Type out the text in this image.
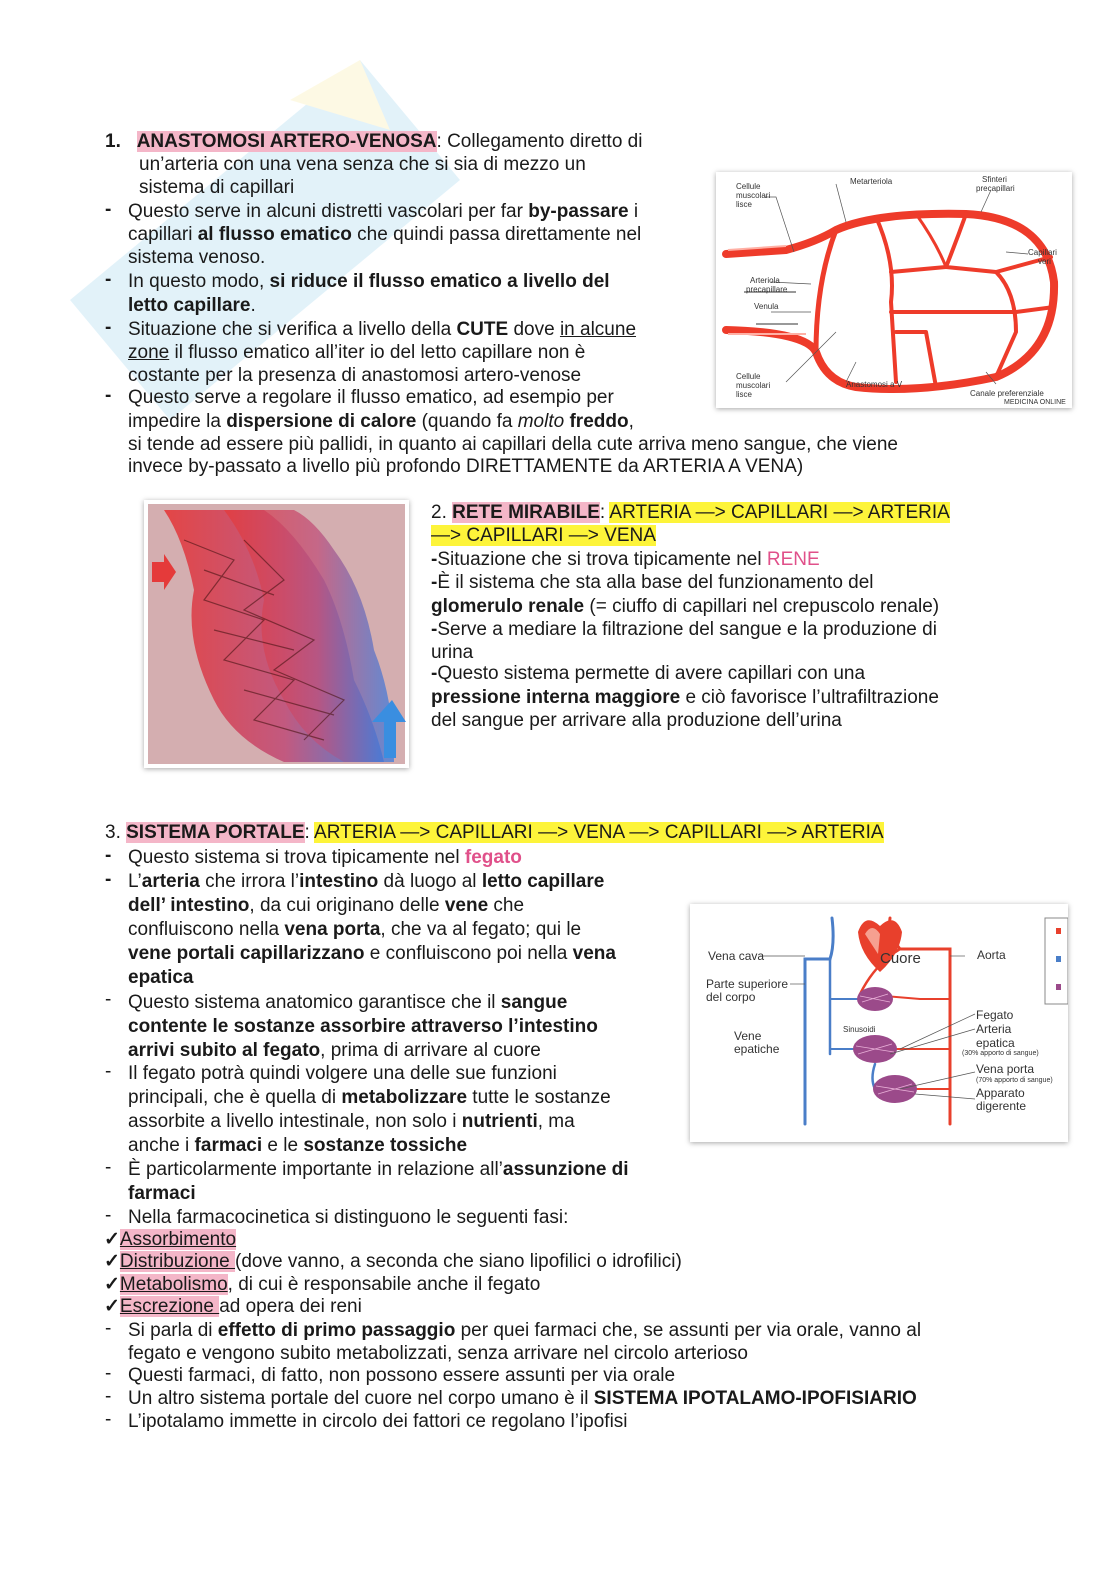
1. ANASTOMOSI ARTERO-VENOSA: Collegamento diretto di
un’arteria con una vena senza che si sia di mezzo un
sistema di capillari
- Questo serve in alcuni distretti vascolari per far by-passare i
capillari al flusso ematico che quindi passa direttamente nel
sistema venoso.
- In questo modo, si riduce il flusso ematico a livello del
letto capillare.
- Situazione che si verifica a livello della CUTE dove in alcune
zone il flusso ematico all’iter io del letto capillare non è
costante per la presenza di anastomosi artero-venose
- Questo serve a regolare il flusso ematico, ad esempio per
impedire la dispersione di calore (quando fa molto freddo,
si tende ad essere più pallidi, in quanto ai capillari della cute arriva meno sangue, che viene
invece by-passato a livello più profondo DIRETTAMENTE da ARTERIA A VENA)
Cellule
muscolari
lisce
Metarteriola	Sfinteri
precapillari
Capillari
veri
Arteriola
precapillare
Venula
Cellule
muscolari
lisce
Anastomosi a V
Canale preferenziale
MEDICINA ONLINE
2. RETE MIRABILE: ARTERIA —> CAPILLARI —> ARTERIA
—> CAPILLARI —> VENA
-Situazione che si trova tipicamente nel RENE
-È il sistema che sta alla base del funzionamento del
glomerulo renale (= ciuffo di capillari nel crepuscolo renale)
-Serve a mediare la filtrazione del sangue e la produzione di
urina
-Questo sistema permette di avere capillari con una
pressione interna maggiore e ciò favorisce l’ultrafiltrazione
del sangue per arrivare alla produzione dell’urina
3. SISTEMA PORTALE: ARTERIA —> CAPILLARI —> VENA —> CAPILLARI —> ARTERIA
- Questo sistema si trova tipicamente nel fegato
- L’arteria che irrora l’intestino dà luogo al letto capillare
dell’ intestino, da cui originano delle vene che
confluiscono nella vena porta, che va al fegato; qui le
vene portali capillarizzano e confluiscono poi nella vena
epatica
- Questo sistema anatomico garantisce che il sangue
contente le sostanze assorbire attraverso l’intestino
arrivi subito al fegato, prima di arrivare al cuore
- Il fegato potrà quindi volgere una delle sue funzioni
principali, che è quella di metabolizzare tutte le sostanze
assorbite a livello intestinale, non solo i nutrienti, ma
anche i farmaci e le sostanze tossiche
- È particolarmente importante in relazione all’assunzione di
farmaci
- Nella farmacocinetica si distinguono le seguenti fasi:
✓Assorbimento
✓Distribuzione (dove vanno, a seconda che siano lipofilici o idrofilici)
✓Metabolismo, di cui è responsabile anche il fegato
✓Escrezione ad opera dei reni
- Si parla di effetto di primo passaggio per quei farmaci che, se assunti per via orale, vanno al
fegato e vengono subito metabolizzati, senza arrivare nel circolo arterioso
- Questi farmaci, di fatto, non possono essere assunti per via orale
- Un altro sistema portale del cuore nel corpo umano è il SISTEMA IPOTALAMO-IPOFISIARIO
- L’ipotalamo immette in circolo dei fattori ce regolano l’ipofisi
Vena cava	Cuore	Aorta
Parte superiore
del corpo
Sinusoidi
Fegato
Arteria
epatica
(30% apporto di sangue)
Vene
epatiche
Vena porta
(70% apporto di sangue)
Apparato
digerente
